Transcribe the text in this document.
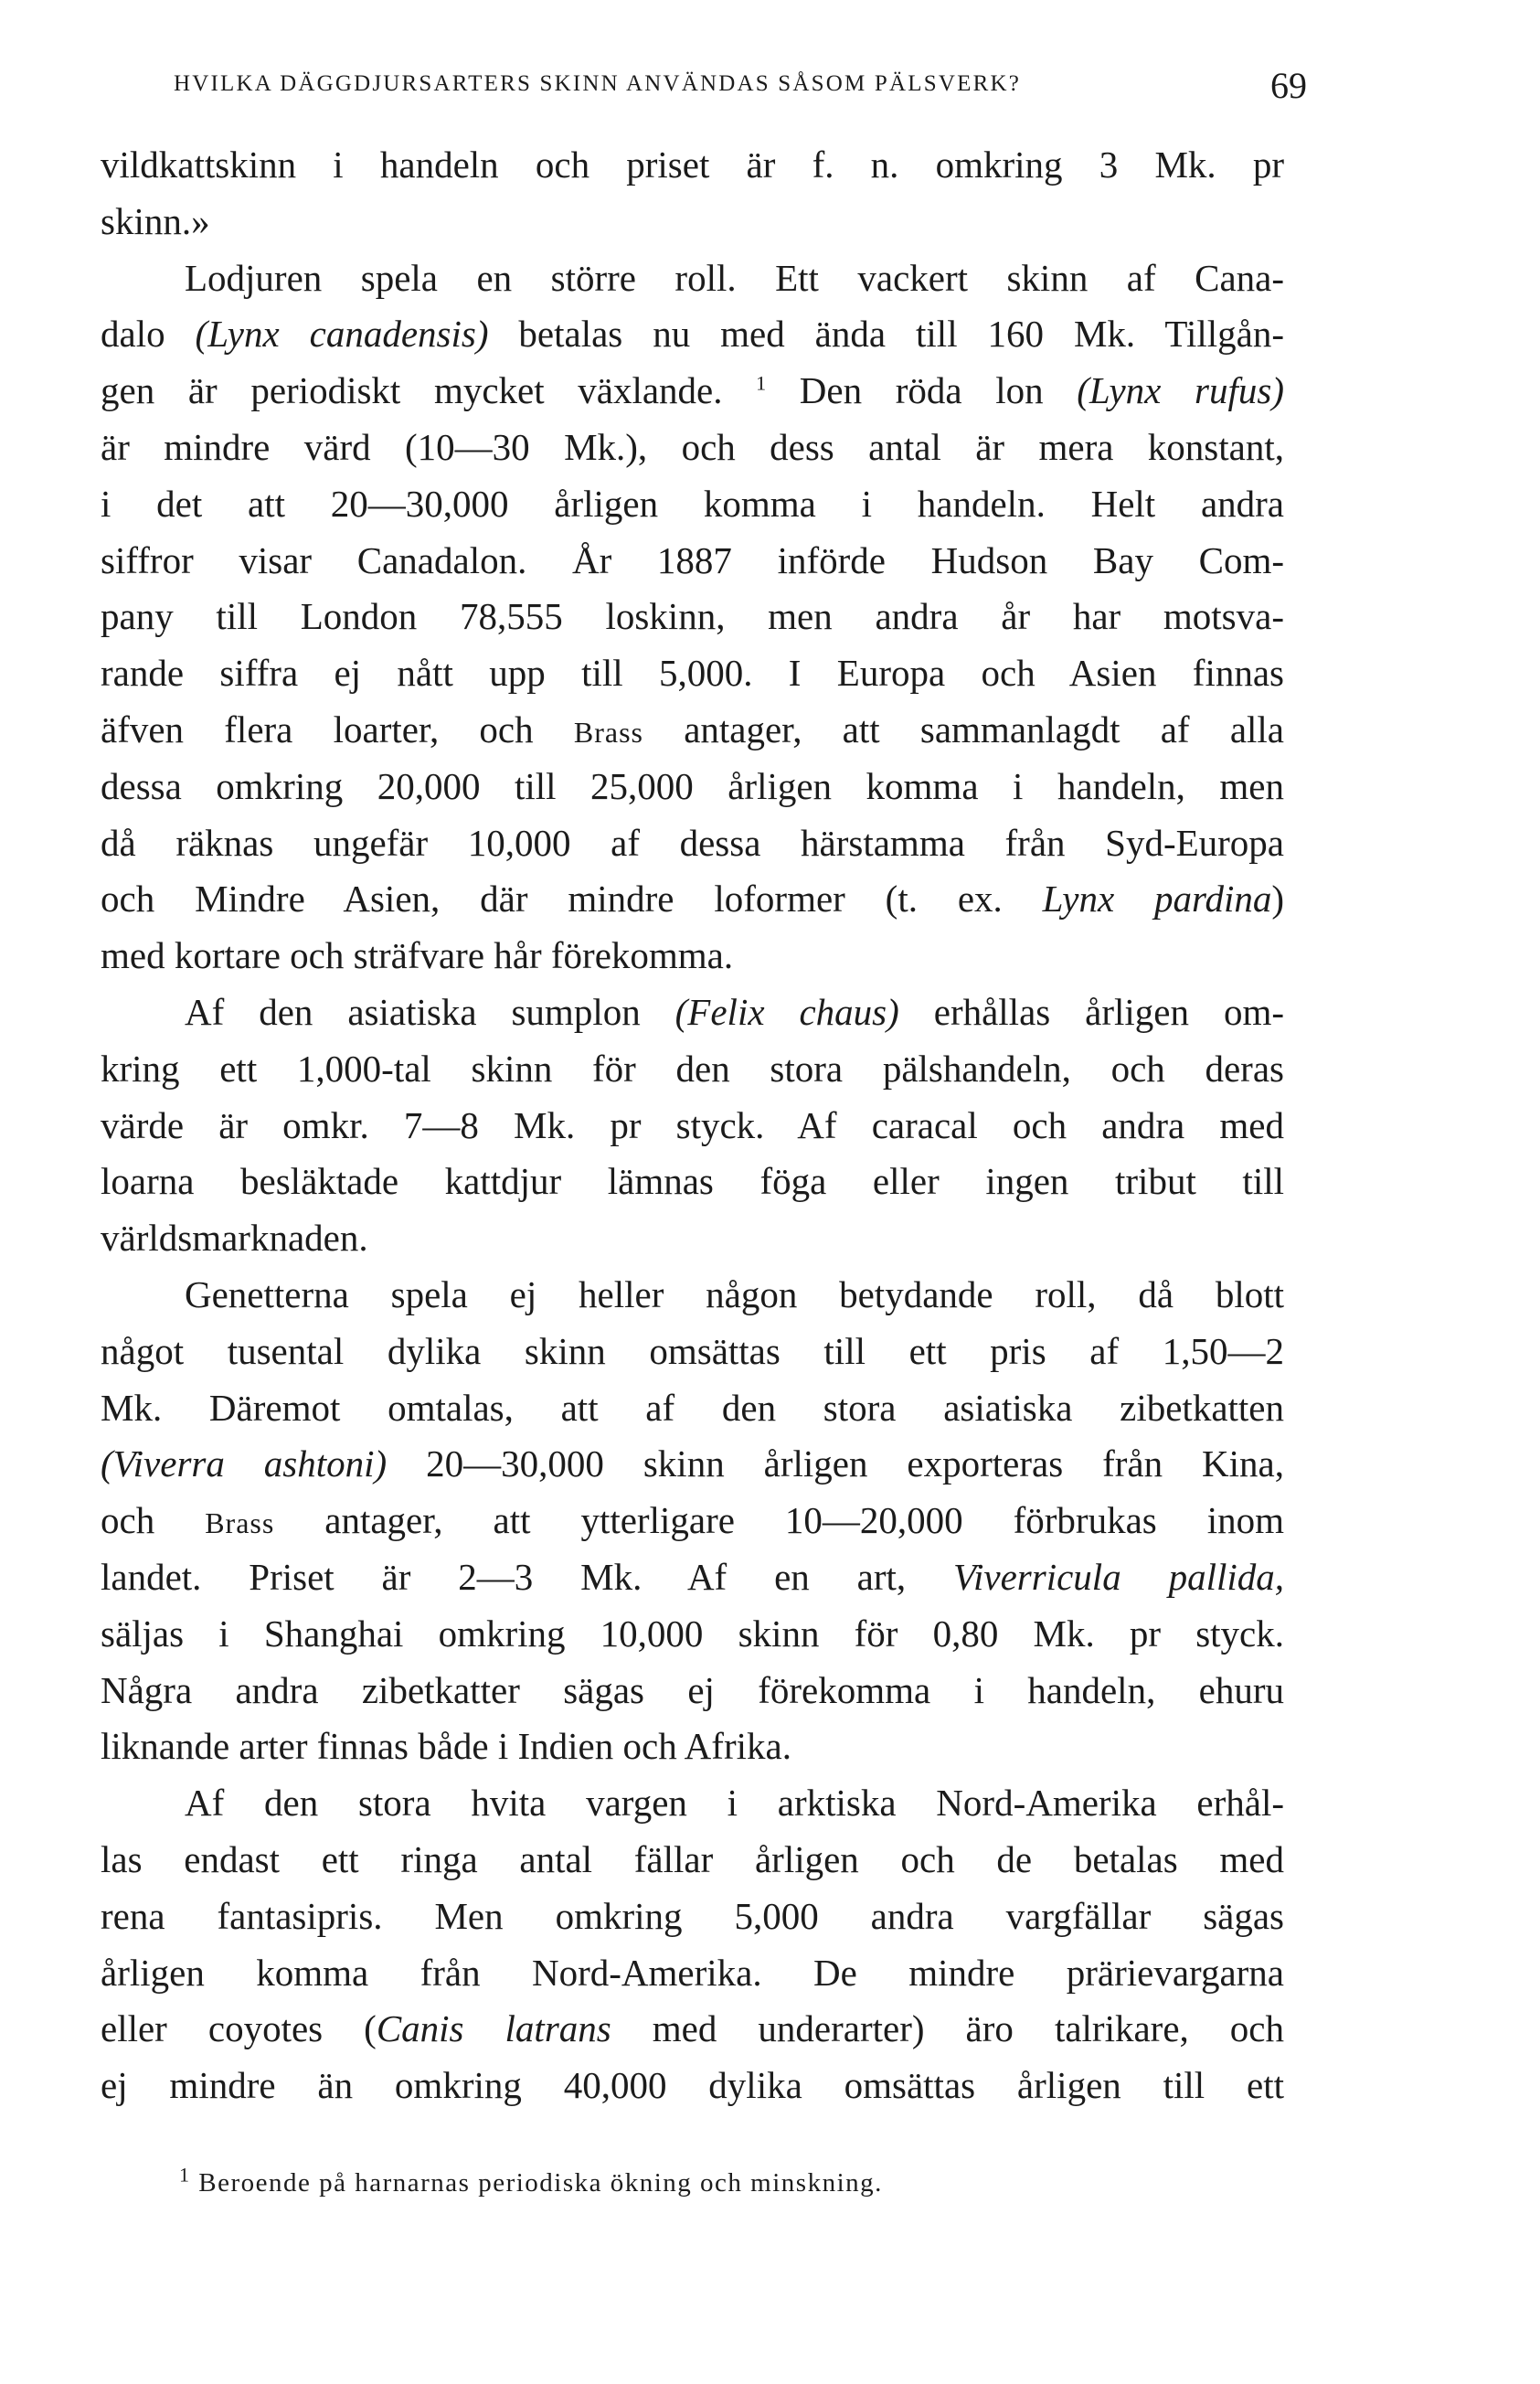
HVILKA DÄGGDJURSARTERS SKINN ANVÄNDAS SÅSOM PÄLSVERK?	69
vildkattskinn i handeln och priset är f. n. omkring 3 Mk. pr
skinn.»
Lodjuren spela en större roll. Ett vackert skinn af Cana-
dalo (Lynx canadensis) betalas nu med ända till 160 Mk. Tillgån-
gen är periodiskt mycket växlande. $^1$ Den röda lon (Lynx rufus)
är mindre värd (10—30 Mk.), och dess antal är mera konstant,
i det att 20—30,000 årligen komma i handeln. Helt andra
siffror visar Canadalon. År 1887 införde Hudson Bay Com-
pany till London 78,555 loskinn, men andra år har motsva-
rande siffra ej nått upp till 5,000. I Europa och Asien finnas
äfven flera loarter, och Brass antager, att sammanlagdt af alla
dessa omkring 20,000 till 25,000 årligen komma i handeln, men
då räknas ungefär 10,000 af dessa härstamma från Syd-Europa
och Mindre Asien, där mindre loformer (t. ex. Lynx pardina)
med kortare och sträfvare hår förekomma.
Af den asiatiska sumplon (Felix chaus) erhållas årligen om-
kring ett 1,000-tal skinn för den stora pälshandeln, och deras
värde är omkr. 7—8 Mk. pr styck. Af caracal och andra med
loarna besläktade kattdjur lämnas föga eller ingen tribut till
världsmarknaden.
Genetterna spela ej heller någon betydande roll, då blott
något tusental dylika skinn omsättas till ett pris af 1,50—2
Mk. Däremot omtalas, att af den stora asiatiska zibetkatten
(Viverra ashtoni) 20—30,000 skinn årligen exporteras från Kina,
och Brass antager, att ytterligare 10—20,000 förbrukas inom
landet. Priset är 2—3 Mk. Af en art, Viverricula pallida,
säljas i Shanghai omkring 10,000 skinn för 0,80 Mk. pr styck.
Några andra zibetkatter sägas ej förekomma i handeln, ehuru
liknande arter finnas både i Indien och Afrika.
Af den stora hvita vargen i arktiska Nord-Amerika erhål-
las endast ett ringa antal fällar årligen och de betalas med
rena fantasipris. Men omkring 5,000 andra vargfällar sägas
årligen komma från Nord-Amerika. De mindre prärievargarna
eller coyotes (Canis latrans med underarter) äro talrikare, och
ej mindre än omkring 40,000 dylika omsättas årligen till ett
$^1$ Beroende på harnarnas periodiska ökning och minskning.
